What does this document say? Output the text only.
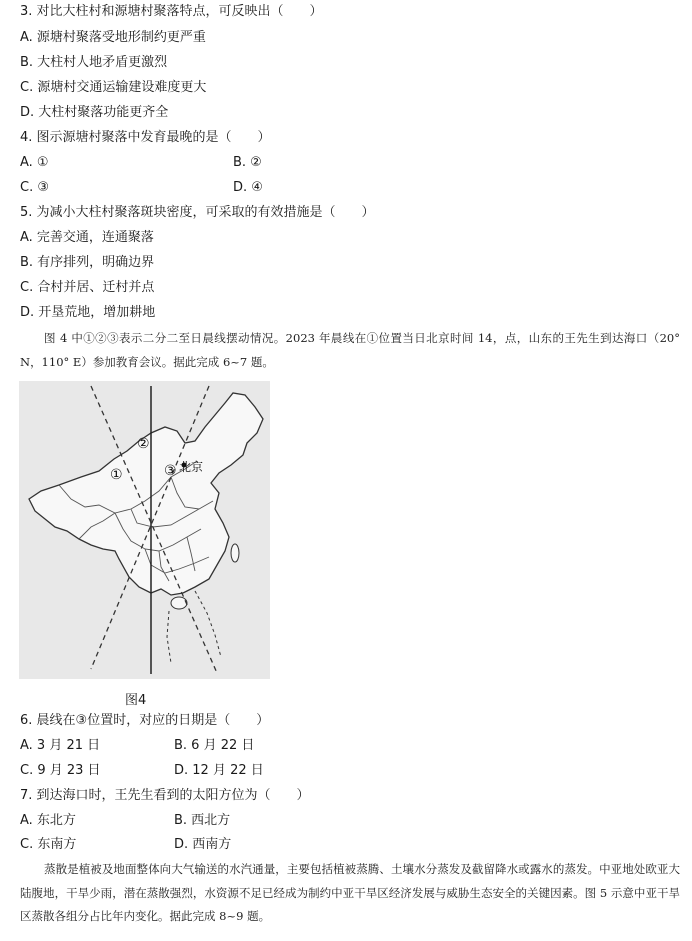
3. 对比大柱村和源塘村聚落特点，可反映出（　　）
A. 源塘村聚落受地形制约更严重
B. 大柱村人地矛盾更激烈
C. 源塘村交通运输建设难度更大
D. 大柱村聚落功能更齐全
4. 图示源塘村聚落中发育最晚的是（　　）
A. ①	B. ②
C. ③	D. ④
5. 为减小大柱村聚落斑块密度，可采取的有效措施是（　　）
A. 完善交通，连通聚落
B. 有序排列，明确边界
C. 合村并居、迁村并点
D. 开垦荒地，增加耕地
图 4 中①②③表示二分二至日晨线摆动情况。2023 年晨线在①位置当日北京时间 14，点，山东的王先生到达海口（20° N，110° E）参加教育会议。据此完成 6~7 题。
①
②
③ 北京
图4
6. 晨线在③位置时，对应的日期是（　　）
A. 3 月 21 日	B. 6 月 22 日
C. 9 月 23 日	D. 12 月 22 日
7. 到达海口时，王先生看到的太阳方位为（　　）
A. 东北方	B. 西北方
C. 东南方	D. 西南方
蒸散是植被及地面整体向大气输送的水汽通量，主要包括植被蒸腾、土壤水分蒸发及截留降水或露水的蒸发。中亚地处欧亚大陆腹地，干旱少雨，潜在蒸散强烈，水资源不足已经成为制约中亚干旱区经济发展与威胁生态安全的关键因素。图 5 示意中亚干旱区蒸散各组分占比年内变化。据此完成 8~9 题。
